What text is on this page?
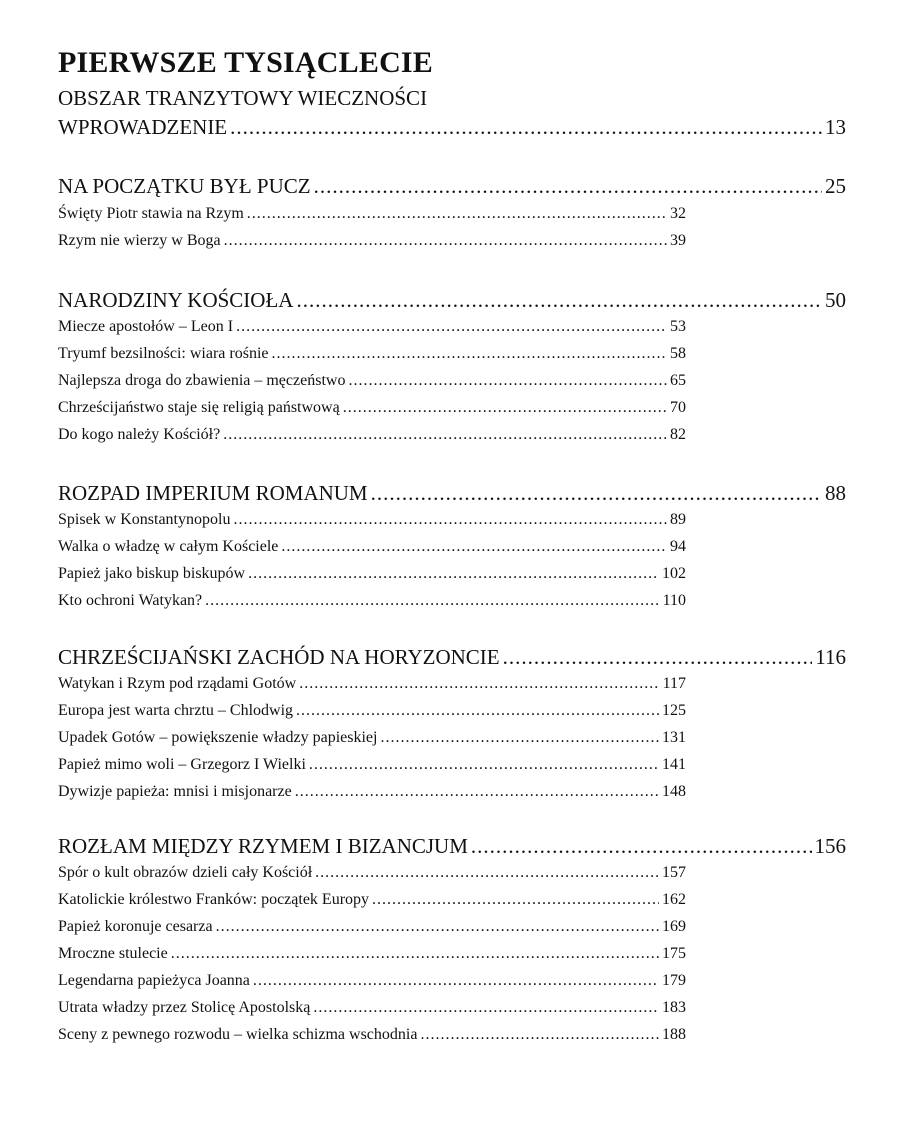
PIERWSZE TYSIĄCLECIE
OBSZAR TRANZYTOWY WIECZNOŚCI
WPROWADZENIE .....	13
NA POCZĄTKU BYŁ PUCZ .....	25
Święty Piotr stawia na Rzym .....	32
Rzym nie wierzy w Boga .....	39
NARODZINY KOŚCIOŁA .....	50
Miecze apostołów – Leon I .....	53
Tryumf bezsilności: wiara rośnie .....	58
Najlepsza droga do zbawienia – męczeństwo .....	65
Chrześcijaństwo staje się religią państwową .....	70
Do kogo należy Kościół? .....	82
ROZPAD IMPERIUM ROMANUM .....	88
Spisek w Konstantynopolu .....	89
Walka o władzę w całym Kościele .....	94
Papież jako biskup biskupów .....	102
Kto ochroni Watykan? .....	110
CHRZEŚCIJAŃSKI ZACHÓD NA HORYZONCIE .....	116
Watykan i Rzym pod rządami Gotów .....	117
Europa jest warta chrztu – Chlodwig .....	125
Upadek Gotów – powiększenie władzy papieskiej .....	131
Papież mimo woli – Grzegorz I Wielki .....	141
Dywizje papieża: mnisi i misjonarze .....	148
ROZŁAM MIĘDZY RZYMEM I BIZANCJUM .....	156
Spór o kult obrazów dzieli cały Kościół .....	157
Katolickie królestwo Franków: początek Europy .....	162
Papież koronuje cesarza .....	169
Mroczne stulecie .....	175
Legendarna papieżyca Joanna .....	179
Utrata władzy przez Stolicę Apostolską .....	183
Sceny z pewnego rozwodu – wielka schizma wschodnia .....	188
